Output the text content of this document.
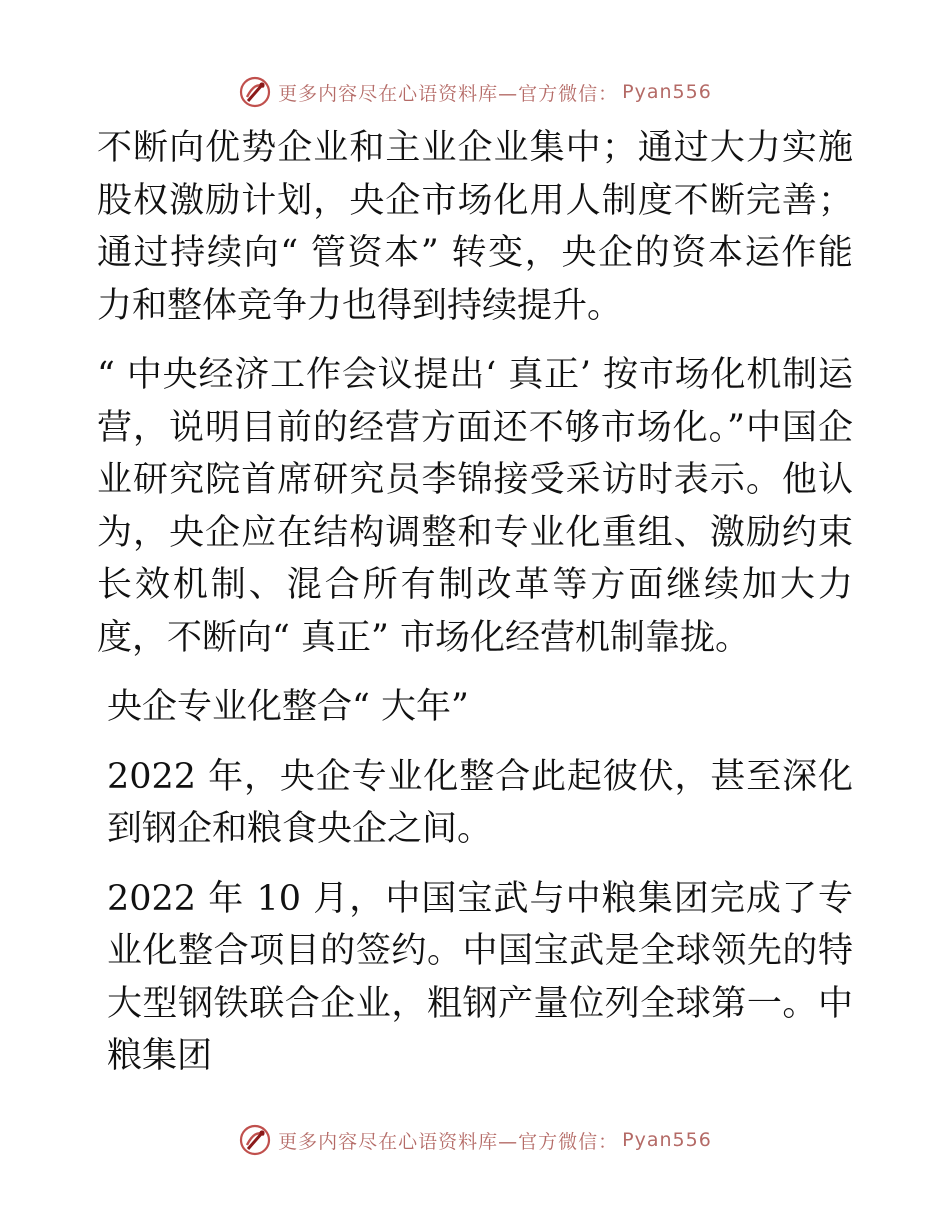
更多内容尽在心语资料库—官方微信： Pyan556

不断向优势企业和主业企业集中；通过大力实施股权激励计划，央企市场化用人制度不断完善；通过持续向“ 管资本” 转变，央企的资本运作能力和整体竞争力也得到持续提升。

“ 中央经济工作会议提出‘ 真正’ 按市场化机制运营，说明目前的经营方面还不够市场化。”中国企业研究院首席研究员李锦接受采访时表示。他认为，央企应在结构调整和专业化重组、激励约束长效机制、混合所有制改革等方面继续加大力度，不断向“ 真正” 市场化经营机制靠拢。

央企专业化整合“ 大年”

2022 年，央企专业化整合此起彼伏，甚至深化到钢企和粮食央企之间。

2022 年 10 月，中国宝武与中粮集团完成了专业化整合项目的签约。中国宝武是全球领先的特大型钢铁联合企业，粗钢产量位列全球第一。中粮集团

更多内容尽在心语资料库—官方微信： Pyan556
